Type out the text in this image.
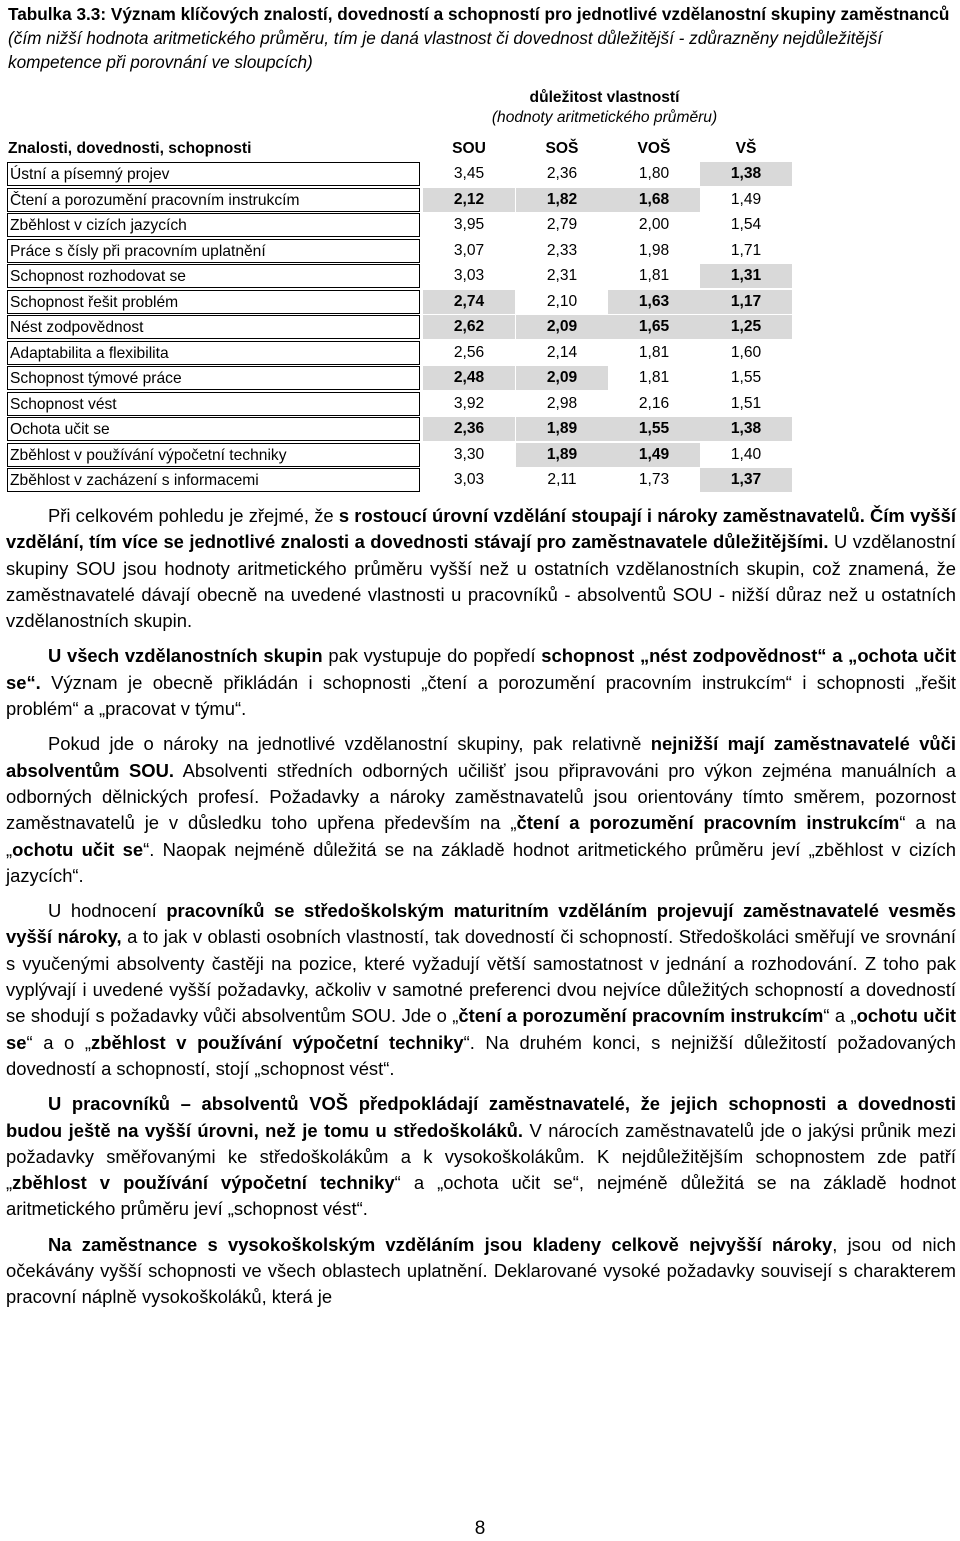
Tabulka 3.3: Význam klíčových znalostí, dovedností a schopností pro jednotlivé vzdělanostní skupiny zaměstnanců (čím nižší hodnota aritmetického průměru, tím je daná vlastnost či dovednost důležitější - zdůrazněny nejdůležitější kompetence při porovnání ve sloupcích)
důležitost vlastností
(hodnoty aritmetického průměru)
Znalosti, dovednosti, schopnosti	SOU	SOŠ	VOŠ	VŠ
Ústní a písemný projev	3,45	2,36	1,80	1,38
Čtení a porozumění pracovním instrukcím	2,12	1,82	1,68	1,49
Zběhlost v cizích jazycích	3,95	2,79	2,00	1,54
Práce s čísly při pracovním uplatnění	3,07	2,33	1,98	1,71
Schopnost rozhodovat se	3,03	2,31	1,81	1,31
Schopnost řešit problém	2,74	2,10	1,63	1,17
Nést zodpovědnost	2,62	2,09	1,65	1,25
Adaptabilita a flexibilita	2,56	2,14	1,81	1,60
Schopnost týmové práce	2,48	2,09	1,81	1,55
Schopnost vést	3,92	2,98	2,16	1,51
Ochota učit se	2,36	1,89	1,55	1,38
Zběhlost v používání výpočetní techniky	3,30	1,89	1,49	1,40
Zběhlost v zacházení s informacemi	3,03	2,11	1,73	1,37

Při celkovém pohledu je zřejmé, že s rostoucí úrovní vzdělání stoupají i nároky zaměstnavatelů. Čím vyšší vzdělání, tím více se jednotlivé znalosti a dovednosti stávají pro zaměstnavatele důležitějšími. U vzdělanostní skupiny SOU jsou hodnoty aritmetického průměru vyšší než u ostatních vzdělanostních skupin, což znamená, že zaměstnavatelé dávají obecně na uvedené vlastnosti u pracovníků - absolventů SOU - nižší důraz než u ostatních vzdělanostních skupin.

U všech vzdělanostních skupin pak vystupuje do popředí schopnost „nést zodpovědnost“ a „ochota učit se“. Význam je obecně přikládán i schopnosti „čtení a porozumění pracovním instrukcím“ i schopnosti „řešit problém“ a „pracovat v týmu“.

Pokud jde o nároky na jednotlivé vzdělanostní skupiny, pak relativně nejnižší mají zaměstnavatelé vůči absolventům SOU. Absolventi středních odborných učilišť jsou připravováni pro výkon zejména manuálních a odborných dělnických profesí. Požadavky a nároky zaměstnavatelů jsou orientovány tímto směrem, pozornost zaměstnavatelů je v důsledku toho upřena především na „čtení a porozumění pracovním instrukcím“ a na „ochotu učit se“. Naopak nejméně důležitá se na základě hodnot aritmetického průměru jeví „zběhlost v cizích jazycích“.

U hodnocení pracovníků se středoškolským maturitním vzděláním projevují zaměstnavatelé vesměs vyšší nároky, a to jak v oblasti osobních vlastností, tak dovedností či schopností. Středoškoláci směřují ve srovnání s vyučenými absolventy častěji na pozice, které vyžadují větší samostatnost v jednání a rozhodování. Z toho pak vyplývají i uvedené vyšší požadavky, ačkoliv v samotné preferenci dvou nejvíce důležitých schopností a dovedností se shodují s požadavky vůči absolventům SOU. Jde o „čtení a porozumění pracovním instrukcím“ a „ochotu učit se“ a o „zběhlost v používání výpočetní techniky“. Na druhém konci, s nejnižší důležitostí požadovaných dovedností a schopností, stojí „schopnost vést“.

U pracovníků – absolventů VOŠ předpokládají zaměstnavatelé, že jejich schopnosti a dovednosti budou ještě na vyšší úrovni, než je tomu u středoškoláků. V nárocích zaměstnavatelů jde o jakýsi průnik mezi požadavky směřovanými ke středoškolákům a k vysokoškolákům. K nejdůležitějším schopnostem zde patří „zběhlost v používání výpočetní techniky“ a „ochota učit se“, nejméně důležitá se na základě hodnot aritmetického průměru jeví „schopnost vést“.

Na zaměstnance s vysokoškolským vzděláním jsou kladeny celkově nejvyšší nároky, jsou od nich očekávány vyšší schopnosti ve všech oblastech uplatnění. Deklarované vysoké požadavky souvisejí s charakterem pracovní náplně vysokoškoláků, která je

8
